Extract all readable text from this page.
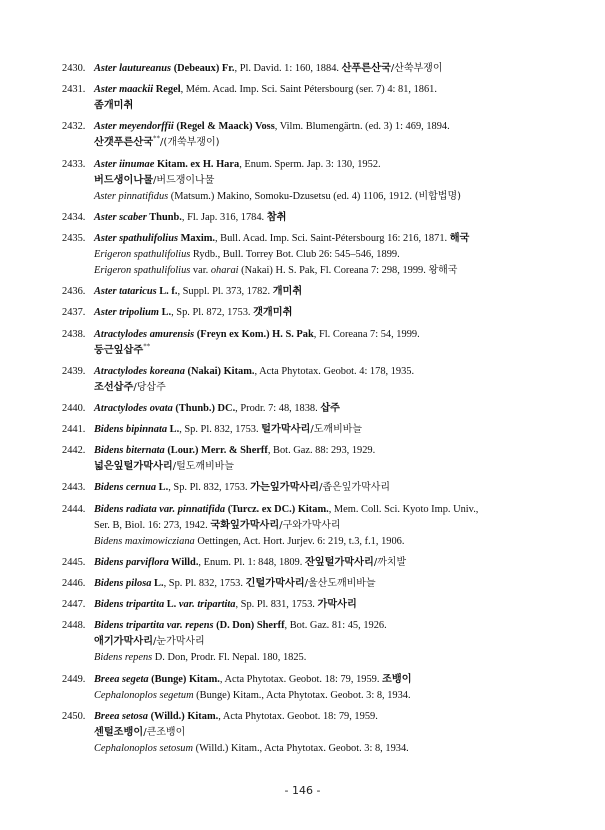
2430. Aster lautureanus (Debeaux) Fr., Pl. David. 1: 160, 1884. 산푸른산국/산쑥부쟁이
2431. Aster maackii Regel, Mém. Acad. Imp. Sci. Saint Pétersbourg (ser. 7) 4: 81, 1861.
좀개미취
2432. Aster meyendorffii (Regel & Maack) Voss, Vilm. Blumengärtn. (ed. 3) 1: 469, 1894.
산갯푸른산국**/(개쑥부쟁이)
2433. Aster iinumae Kitam. ex H. Hara, Enum. Sperm. Jap. 3: 130, 1952.
버드생이나물/버드쟁이나물
Aster pinnatifidus (Matsum.) Makino, Somoku-Dzusetsu (ed. 4) 1106, 1912. (비합법명)
2434. Aster scaber Thunb., Fl. Jap. 316, 1784. 참취
2435. Aster spathulifolius Maxim., Bull. Acad. Imp. Sci. Saint-Pétersbourg 16: 216, 1871. 해국
Erigeron spathulifolius Rydb., Bull. Torrey Bot. Club 26: 545–546, 1899.
Erigeron spathulifolius var. oharai (Nakai) H. S. Pak, Fl. Coreana 7: 298, 1999. 왕해국
2436. Aster tataricus L. f., Suppl. Pl. 373, 1782. 개미취
2437. Aster tripolium L., Sp. Pl. 872, 1753. 갯개미취
2438. Atractylodes amurensis (Freyn ex Kom.) H. S. Pak, Fl. Coreana 7: 54, 1999.
둥근잎삽주**
2439. Atractylodes koreana (Nakai) Kitam., Acta Phytotax. Geobot. 4: 178, 1935.
조선삽주/당삽주
2440. Atractylodes ovata (Thunb.) DC., Prodr. 7: 48, 1838. 삽주
2441. Bidens bipinnata L., Sp. Pl. 832, 1753. 털가막사리/도깨비바늘
2442. Bidens biternata (Lour.) Merr. & Sherff, Bot. Gaz. 88: 293, 1929.
넓은잎털가막사리/털도깨비바늘
2443. Bidens cernua L., Sp. Pl. 832, 1753. 가는잎가막사리/좁은잎가막사리
2444. Bidens radiata var. pinnatifida (Turcz. ex DC.) Kitam., Mem. Coll. Sci. Kyoto Imp. Univ.,
Ser. B, Biol. 16: 273, 1942. 국화잎가막사리/구와가막사리
Bidens maximowicziana Oettingen, Act. Hort. Jurjev. 6: 219, t.3, f.1, 1906.
2445. Bidens parviflora Willd., Enum. Pl. 1: 848, 1809. 잔잎털가막사리/까치발
2446. Bidens pilosa L., Sp. Pl. 832, 1753. 긴털가막사리/울산도깨비바늘
2447. Bidens tripartita L. var. tripartita, Sp. Pl. 831, 1753. 가막사리
2448. Bidens tripartita var. repens (D. Don) Sherff, Bot. Gaz. 81: 45, 1926.
애기가막사리/눈가막사리
Bidens repens D. Don, Prodr. Fl. Nepal. 180, 1825.
2449. Breea segeta (Bunge) Kitam., Acta Phytotax. Geobot. 18: 79, 1959. 조뱅이
Cephalonoplos segetum (Bunge) Kitam., Acta Phytotax. Geobot. 3: 8, 1934.
2450. Breea setosa (Willd.) Kitam., Acta Phytotax. Geobot. 18: 79, 1959.
센털조뱅이/큰조뱅이
Cephalonoplos setosum (Willd.) Kitam., Acta Phytotax. Geobot. 3: 8, 1934.
- 146 -
